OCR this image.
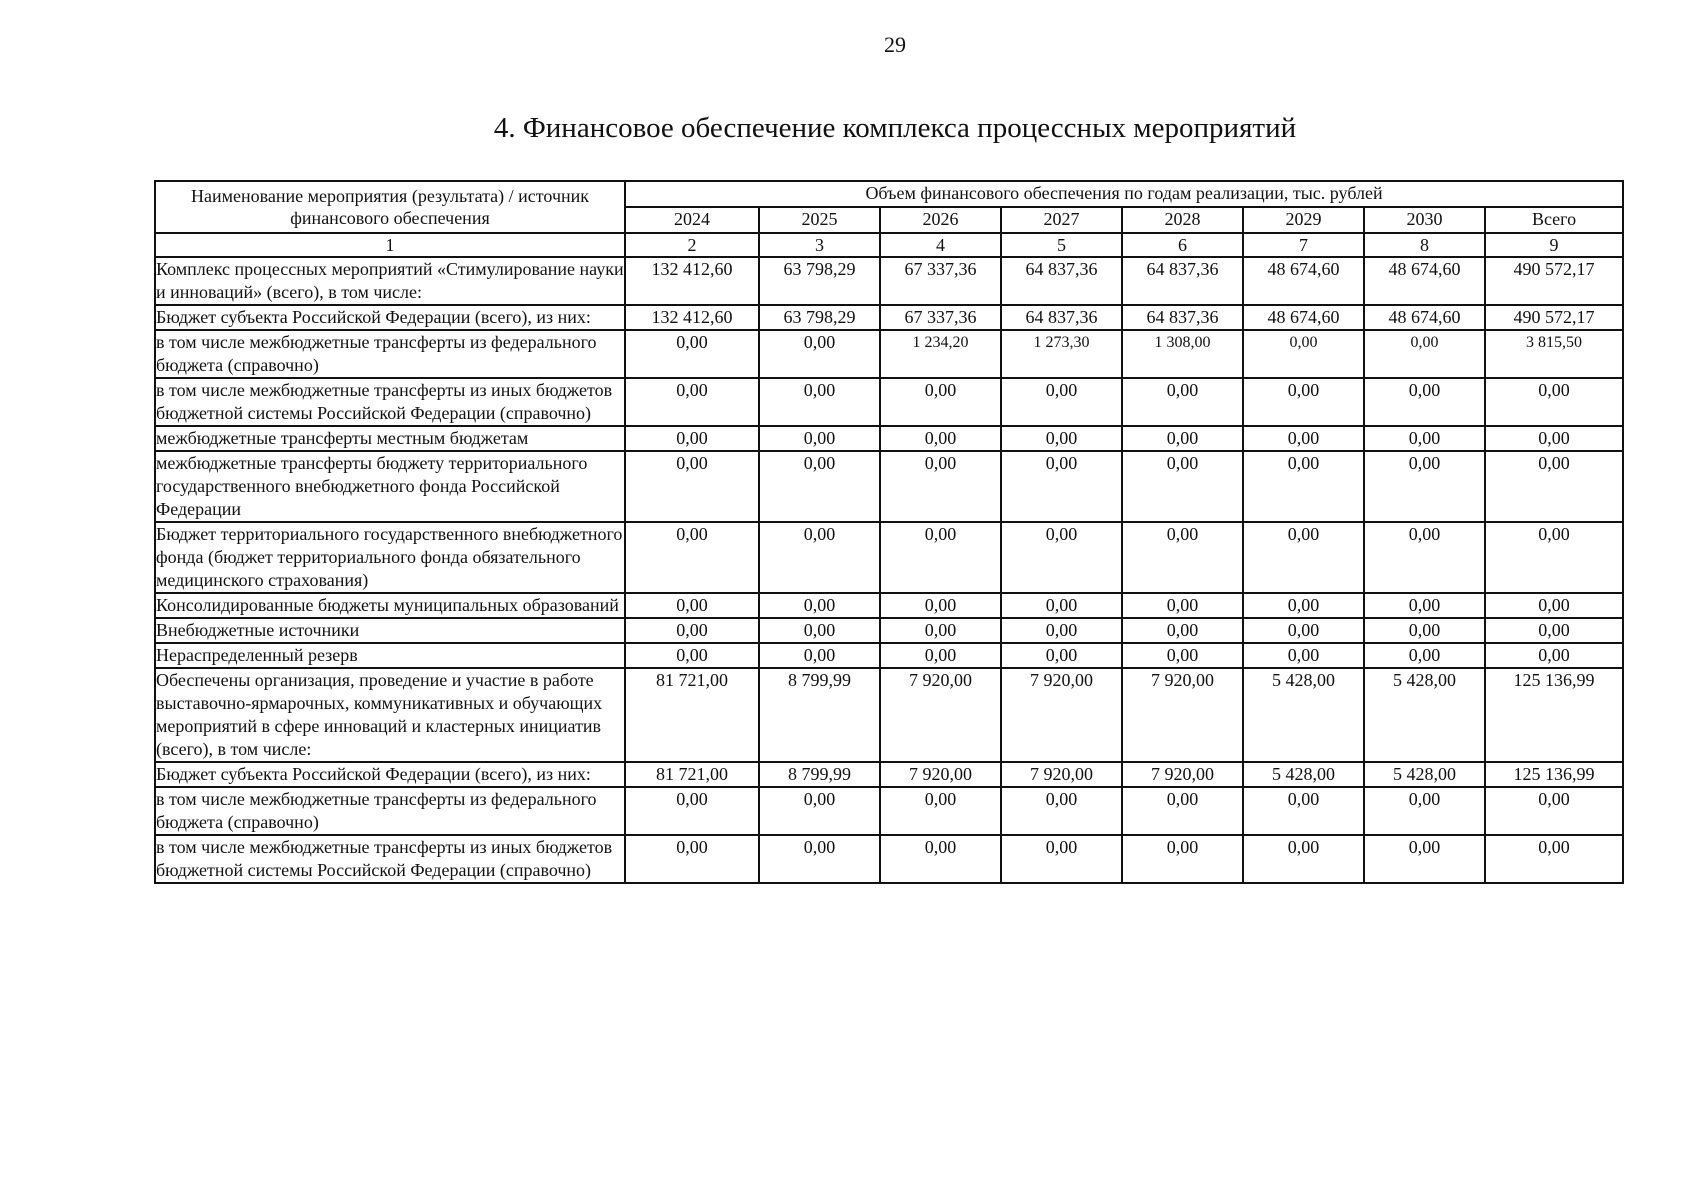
29
4. Финансовое обеспечение комплекса процессных мероприятий
Наименование мероприятия (результата) / источник финансового обеспечения	Объем финансового обеспечения по годам реализации, тыс. рублей							
	2024	2025	2026	2027	2028	2029	2030	Всего
1	2	3	4	5	6	7	8	9
Комплекс процессных мероприятий «Стимулирование науки и инноваций» (всего), в том числе:	132 412,60	63 798,29	67 337,36	64 837,36	64 837,36	48 674,60	48 674,60	490 572,17
Бюджет субъекта Российской Федерации (всего), из них:	132 412,60	63 798,29	67 337,36	64 837,36	64 837,36	48 674,60	48 674,60	490 572,17
в том числе межбюджетные трансферты из федерального бюджета (справочно)	0,00	0,00	1 234,20	1 273,30	1 308,00	0,00	0,00	3 815,50
в том числе межбюджетные трансферты из иных бюджетов бюджетной системы Российской Федерации (справочно)	0,00	0,00	0,00	0,00	0,00	0,00	0,00	0,00
межбюджетные трансферты местным бюджетам	0,00	0,00	0,00	0,00	0,00	0,00	0,00	0,00
межбюджетные трансферты бюджету территориального государственного внебюджетного фонда Российской Федерации	0,00	0,00	0,00	0,00	0,00	0,00	0,00	0,00
Бюджет территориального государственного внебюджетного фонда (бюджет территориального фонда обязательного медицинского страхования)	0,00	0,00	0,00	0,00	0,00	0,00	0,00	0,00
Консолидированные бюджеты муниципальных образований	0,00	0,00	0,00	0,00	0,00	0,00	0,00	0,00
Внебюджетные источники	0,00	0,00	0,00	0,00	0,00	0,00	0,00	0,00
Нераспределенный резерв	0,00	0,00	0,00	0,00	0,00	0,00	0,00	0,00
Обеспечены организация, проведение и участие в работе выставочно-ярмарочных, коммуникативных и обучающих мероприятий в сфере инноваций и кластерных инициатив (всего), в том числе:	81 721,00	8 799,99	7 920,00	7 920,00	7 920,00	5 428,00	5 428,00	125 136,99
Бюджет субъекта Российской Федерации (всего), из них:	81 721,00	8 799,99	7 920,00	7 920,00	7 920,00	5 428,00	5 428,00	125 136,99
в том числе межбюджетные трансферты из федерального бюджета (справочно)	0,00	0,00	0,00	0,00	0,00	0,00	0,00	0,00
в том числе межбюджетные трансферты из иных бюджетов бюджетной системы Российской Федерации (справочно)	0,00	0,00	0,00	0,00	0,00	0,00	0,00	0,00
